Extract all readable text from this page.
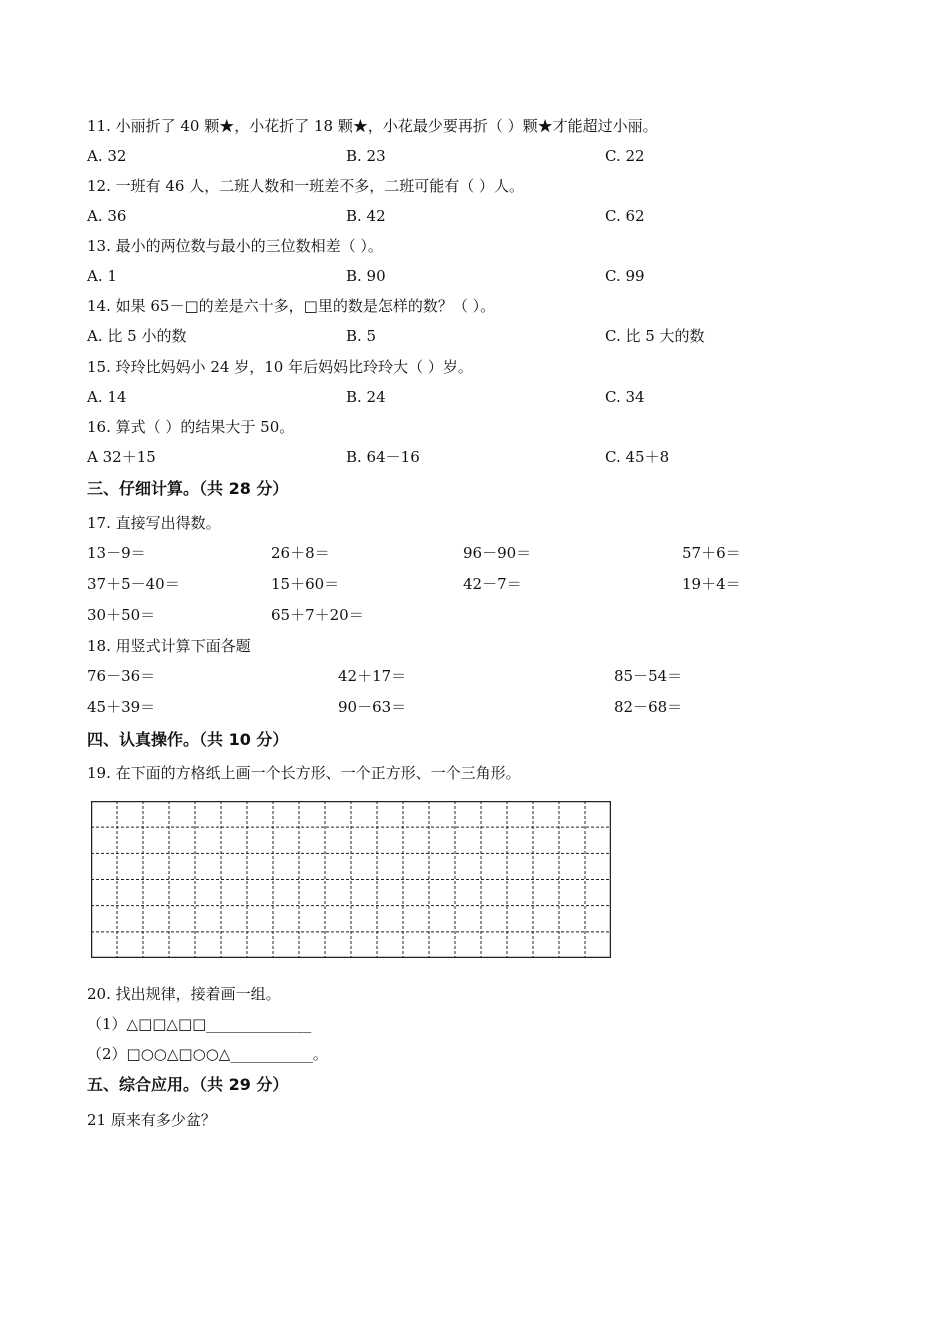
11. 小丽折了 40 颗★，小花折了 18 颗★，小花最少要再折（ ）颗★才能超过小丽。
A. 32	B. 23	C. 22
12. 一班有 46 人，二班人数和一班差不多，二班可能有（ ）人。
A. 36	B. 42	C. 62
13. 最小的两位数与最小的三位数相差（ ）。
A. 1	B. 90	C. 99
14. 如果 65－□的差是六十多，□里的数是怎样的数？（ ）。
A. 比 5 小的数	B. 5	C. 比 5 大的数
15. 玲玲比妈妈小 24 岁，10 年后妈妈比玲玲大（ ）岁。
A. 14	B. 24	C. 34
16. 算式（ ）的结果大于 50。
A 32＋15	B. 64－16	C. 45＋8
三、仔细计算。（共 28 分）
17. 直接写出得数。
13－9＝	26＋8＝	96－90＝	57＋6＝
37＋5－40＝	15＋60＝	42－7＝	19＋4＝
30＋50＝	65＋7＋20＝
18. 用竖式计算下面各题
76－36＝	42＋17＝	85－54＝
45＋39＝	90－63＝	82－68＝
四、认真操作。（共 10 分）
19. 在下面的方格纸上画一个长方形、一个正方形、一个三角形。
20. 找出规律，接着画一组。
（1）△□□△□□______________
（2）□○○△□○○△___________。
五、综合应用。（共 29 分）
21 原来有多少盆？
